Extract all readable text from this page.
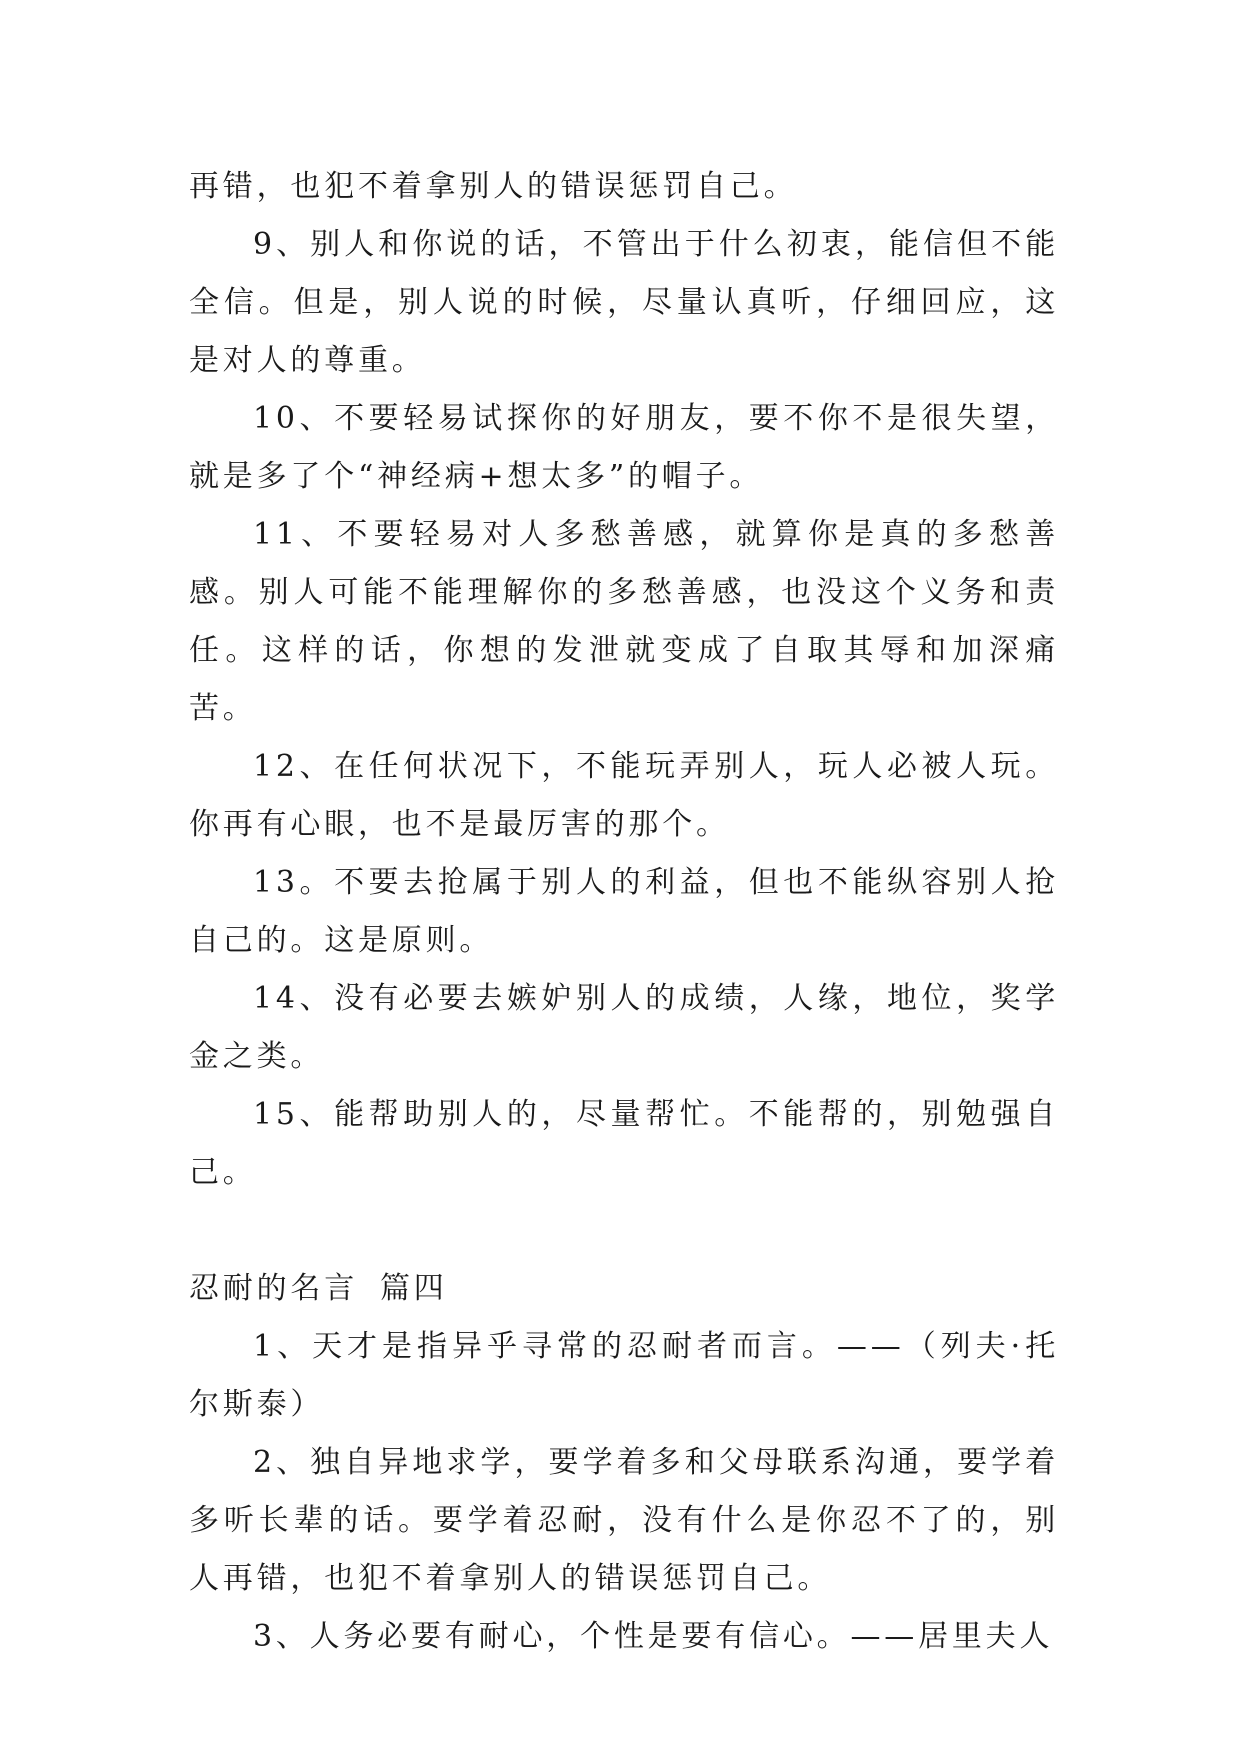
再错，也犯不着拿别人的错误惩罚自己。

9、别人和你说的话，不管出于什么初衷，能信但不能全信。但是，别人说的时候，尽量认真听，仔细回应，这是对人的尊重。

10、不要轻易试探你的好朋友，要不你不是很失望，就是多了个“神经病+想太多”的帽子。

11、不要轻易对人多愁善感，就算你是真的多愁善感。别人可能不能理解你的多愁善感，也没这个义务和责任。这样的话，你想的发泄就变成了自取其辱和加深痛苦。

12、在任何状况下，不能玩弄别人，玩人必被人玩。你再有心眼，也不是最厉害的那个。

13。不要去抢属于别人的利益，但也不能纵容别人抢自己的。这是原则。

14、没有必要去嫉妒别人的成绩，人缘，地位，奖学金之类。

15、能帮助别人的，尽量帮忙。不能帮的，别勉强自己。

忍耐的名言 篇四

1、天才是指异乎寻常的忍耐者而言。——（列夫·托尔斯泰）

2、独自异地求学，要学着多和父母联系沟通，要学着多听长辈的话。要学着忍耐，没有什么是你忍不了的，别人再错，也犯不着拿别人的错误惩罚自己。

3、人务必要有耐心，个性是要有信心。——居里夫人
